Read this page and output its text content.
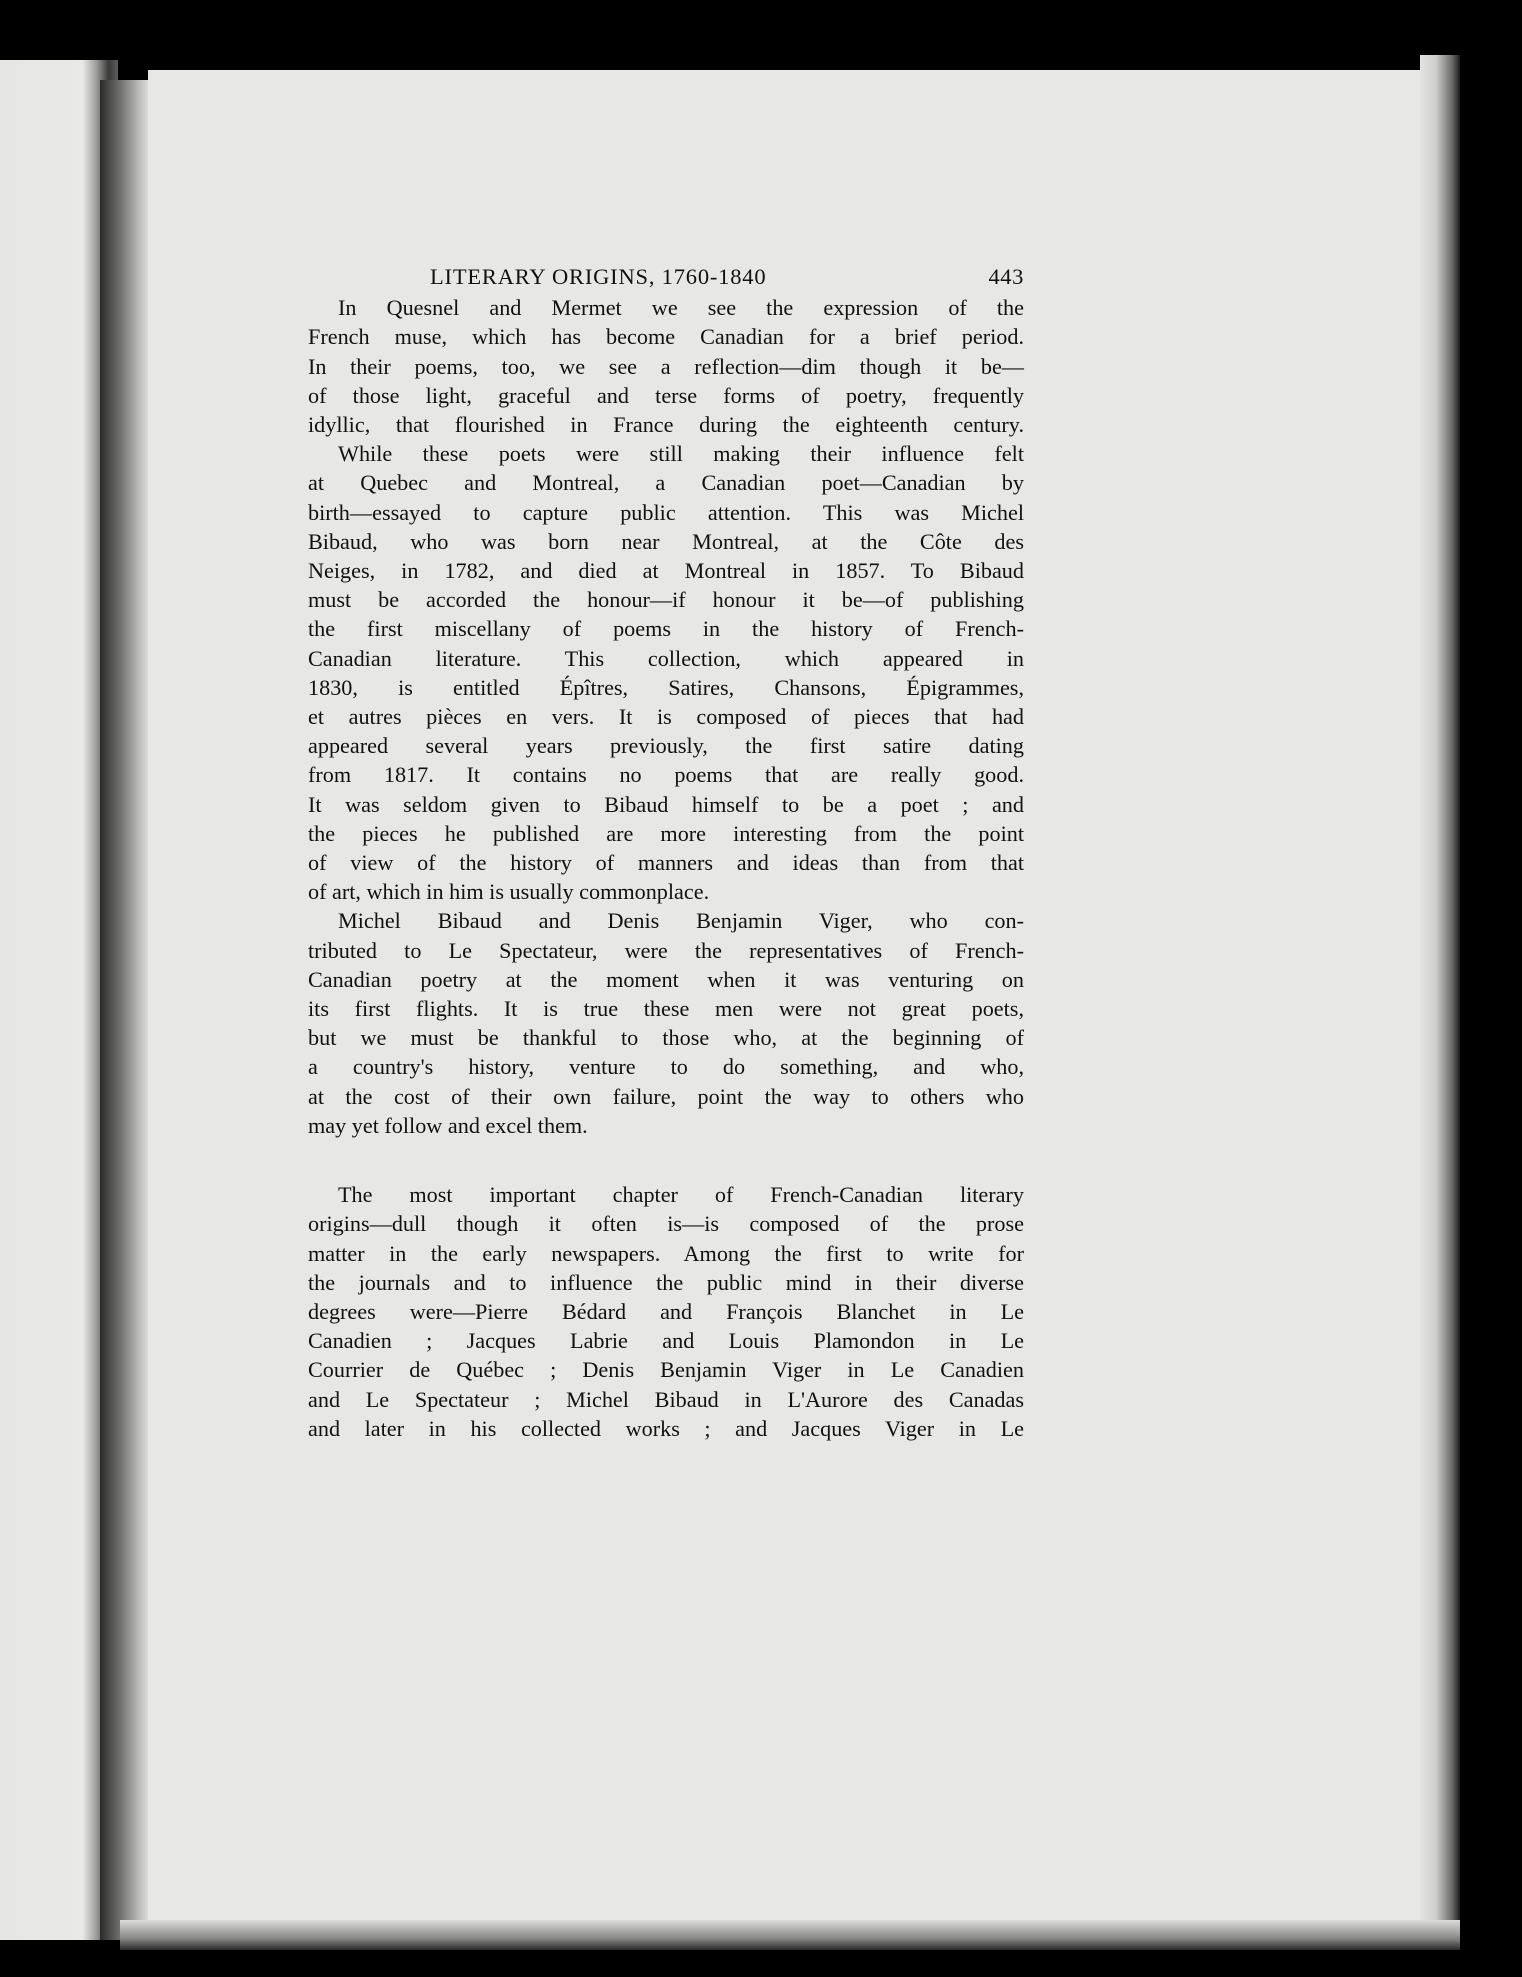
LITERARY ORIGINS, 1760-1840	443
In Quesnel and Mermet we see the expression of the
French muse, which has become Canadian for a brief period.
In their poems, too, we see a reflection—dim though it be—
of those light, graceful and terse forms of poetry, frequently
idyllic, that flourished in France during the eighteenth century.
While these poets were still making their influence felt
at Quebec and Montreal, a Canadian poet—Canadian by
birth—essayed to capture public attention. This was Michel
Bibaud, who was born near Montreal, at the Côte des
Neiges, in 1782, and died at Montreal in 1857. To Bibaud
must be accorded the honour—if honour it be—of publishing
the first miscellany of poems in the history of French-
Canadian literature. This collection, which appeared in
1830, is entitled Épîtres, Satires, Chansons, Épigrammes,
et autres pièces en vers. It is composed of pieces that had
appeared several years previously, the first satire dating
from 1817. It contains no poems that are really good.
It was seldom given to Bibaud himself to be a poet ; and
the pieces he published are more interesting from the point
of view of the history of manners and ideas than from that
of art, which in him is usually commonplace.
Michel Bibaud and Denis Benjamin Viger, who con-
tributed to Le Spectateur, were the representatives of French-
Canadian poetry at the moment when it was venturing on
its first flights. It is true these men were not great poets,
but we must be thankful to those who, at the beginning of
a country's history, venture to do something, and who,
at the cost of their own failure, point the way to others who
may yet follow and excel them.
The most important chapter of French-Canadian literary
origins—dull though it often is—is composed of the prose
matter in the early newspapers. Among the first to write for
the journals and to influence the public mind in their diverse
degrees were—Pierre Bédard and François Blanchet in Le
Canadien ; Jacques Labrie and Louis Plamondon in Le
Courrier de Québec ; Denis Benjamin Viger in Le Canadien
and Le Spectateur ; Michel Bibaud in L'Aurore des Canadas
and later in his collected works ; and Jacques Viger in Le
